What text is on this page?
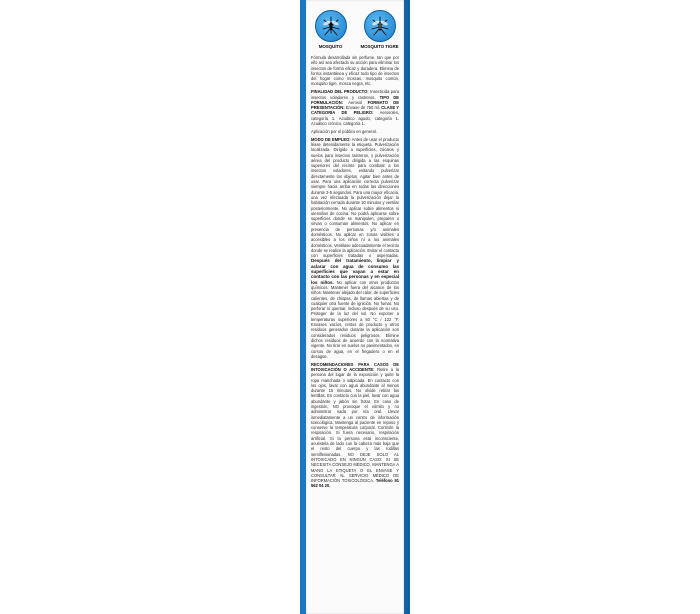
MOSQUITO	MOSQUITO TIGRE

Fórmula desarrollada sin perfume, tan que por ello así sea afectado su acción para eliminar los insectos de forma eficaz y duradera. Elimina de forma instantánea y eficaz todo tipo de insectos del hogar como moscas, mosquito común, mosquito tigre, mosca negra, etc.

FINALIDAD DEL PRODUCTO: Insecticida para insectos voladores y rastreros. TIPO DE FORMULACIÓN: Aerosol FORMATO DE PRESENTACIÓN: Envase de 750 ml. CLASE Y CATEGORÍA DE PELIGRO: Aerosoles, categoría 1. Acuático agudo, categoría 1. Acuático crónico, categoría 1.

Aplicación por el público en general.

MODO DE EMPLEO: Antes de usar el producto léase detenidamente la etiqueta. Pulverización localizada. Dirigido a superficies, zócalos y suelos para insectos rastreros, y pulverización aérea del producto dirigida a las esquinas superiores del recinto para combatir a los insectos voladores, evitando pulverizar directamente los objetos. Agitar bien antes de usar. Para una aplicación correcta pulverizar siempre hacia arriba en todas las direcciones durante 3-5 segundos. Para una mayor eficacia, una vez efectuada la pulverización dejar la habitación cerrada durante 10 minutos y ventilar posteriormente. No aplicar sobre alimentos ni utensilios de cocina. No podrá aplicarse sobre superficies donde se manipulen, preparen o sirvan o consuman alimentos. No aplicar en presencia de personas y/o animales domésticos. No aplicar en zonas visibles o accesibles a los niños ni a los animales domésticos. Ventilase adecuadamente el recinto donde se realice la aplicación. Evitar el contacto con superficies tratadas o aspersadas. Después del tratamiento, limpiar y aclarar con agua de consumo las superficies que vayan a estar en contacto con las personas y en especial los niños. No aplicar con otros productos químicos. Mantener fuera del alcance de los niños. Mantener alejado del calor, de superficies calientes, de chispas, de llamas abiertas y de cualquier otra fuente de ignición. No fumar. No perforar ni quemar, incluso después de su uso. Proteger de la luz del sol. No exponer a temperaturas superiores a 50 °C / 122 °F. Envases vacíos, restos de producto y otros residuos generados durante la aplicación son considerados residuos peligrosos. Elimine dichos residuos de acuerdo con la normativa vigente. No tirar en suelos no pavimentados, en cursos de agua, en el fregadero o en el desagüe.

RECOMENDACIONES PARA CASOS DE INTOXICACIÓN O ACCIDENTE: Retire a la persona del lugar de la exposición y quite la ropa manchada o salpicada. En contacto con los ojos, lavar con agua abundante al menos durante 15 minutos. No olvide retirar las lentillas. En contacto con la piel, lavar con agua abundante y jabón sin frotar. En caso de ingestión, NO provoque el vómito y no administrar nada por vía oral. Llevar inmediatamente a un centro de información toxicológica. Mantenga al paciente en reposo y conserve la temperatura corporal. Controle la respiración. Si fuera necesario, respiración artificial. Si la persona está inconsciente, acuéstela de lado con la cabeza más baja que el resto del cuerpo y las rodillas semiflexionadas. NO DEJE SOLO AL INTOXICADO EN NINGÚN CASO. SI SE NECESITA CONSEJO MÉDICO, MANTENGA A MANO LA ETIQUETA O EL ENVASE Y CONSULTAR AL SERVICIO MÉDICO DE INFORMACIÓN TOXICOLÓGICA. Teléfono 91 562 04 20.
